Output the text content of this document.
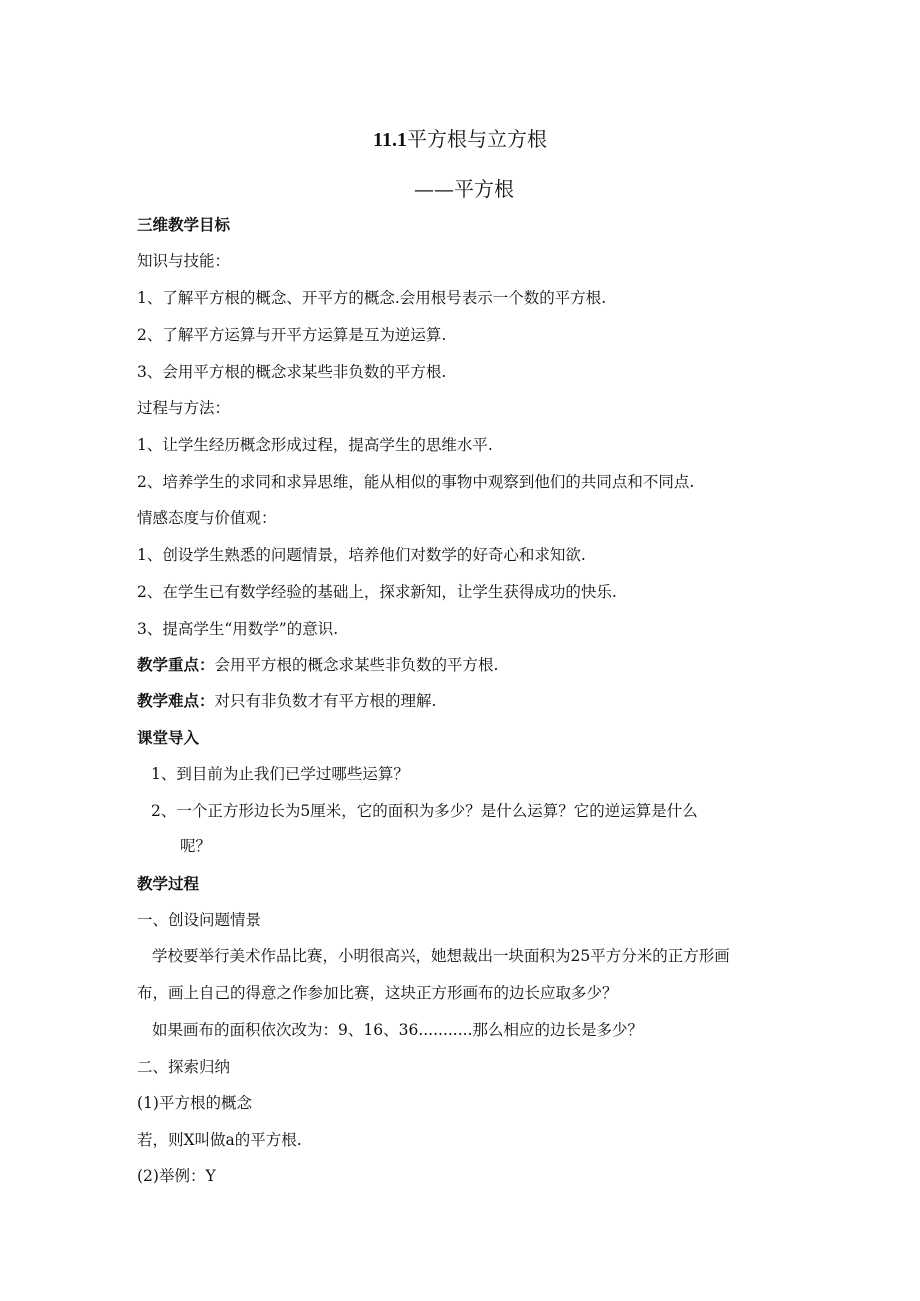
11.1平方根与立方根
——平方根
三维教学目标
知识与技能：
1、了解平方根的概念、开平方的概念.会用根号表示一个数的平方根.
2、了解平方运算与开平方运算是互为逆运算.
3、会用平方根的概念求某些非负数的平方根.
过程与方法：
1、让学生经历概念形成过程，提高学生的思维水平.
2、培养学生的求同和求异思维，能从相似的事物中观察到他们的共同点和不同点.
情感态度与价值观：
1、创设学生熟悉的问题情景，培养他们对数学的好奇心和求知欲.
2、在学生已有数学经验的基础上，探求新知，让学生获得成功的快乐.
3、提高学生“用数学”的意识.
教学重点：会用平方根的概念求某些非负数的平方根.
教学难点：对只有非负数才有平方根的理解.
课堂导入
1、到目前为止我们已学过哪些运算？
2、一个正方形边长为5厘米，它的面积为多少？是什么运算？它的逆运算是什么
呢？
教学过程
一、创设问题情景
学校要举行美术作品比赛，小明很高兴，她想裁出一块面积为25平方分米的正方形画
布，画上自己的得意之作参加比赛，这块正方形画布的边长应取多少？
如果画布的面积依次改为：9、16、36...........那么相应的边长是多少？
二、探索归纳
(1)平方根的概念
若，则X叫做a的平方根.
(2)举例：Y
